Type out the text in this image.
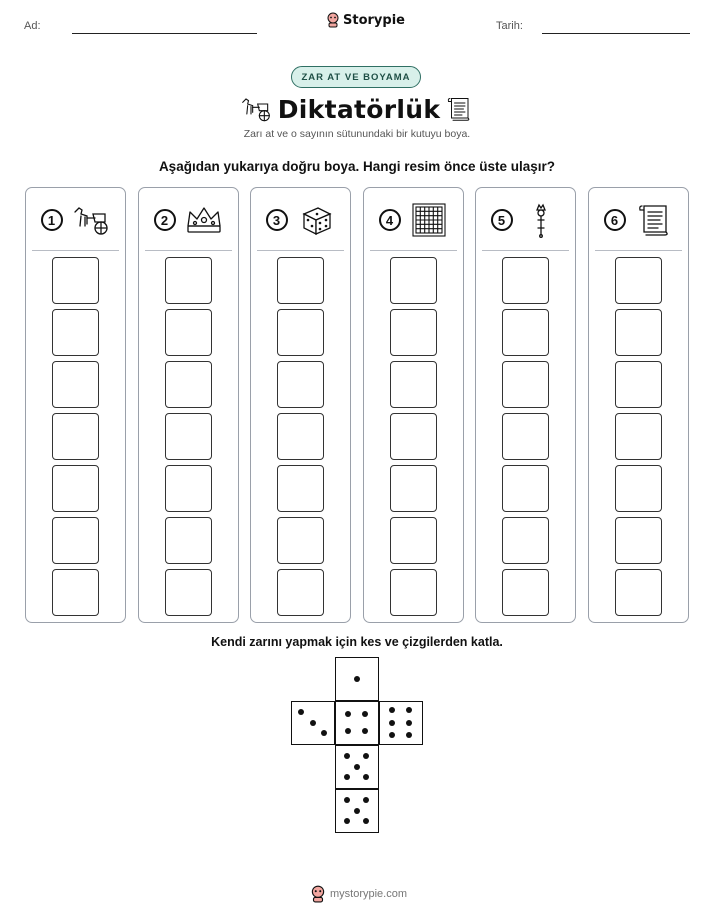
Ad:	Storypie	Tarih:
ZAR AT VE BOYAMA
Diktatörlük
Zarı at ve o sayının sütunundaki bir kutuyu boya.
Aşağıdan yukarıya doğru boya. Hangi resim önce üste ulaşır?
1	2	3	4	5	6
Kendi zarını yapmak için kes ve çizgilerden katla.
mystorypie.com
